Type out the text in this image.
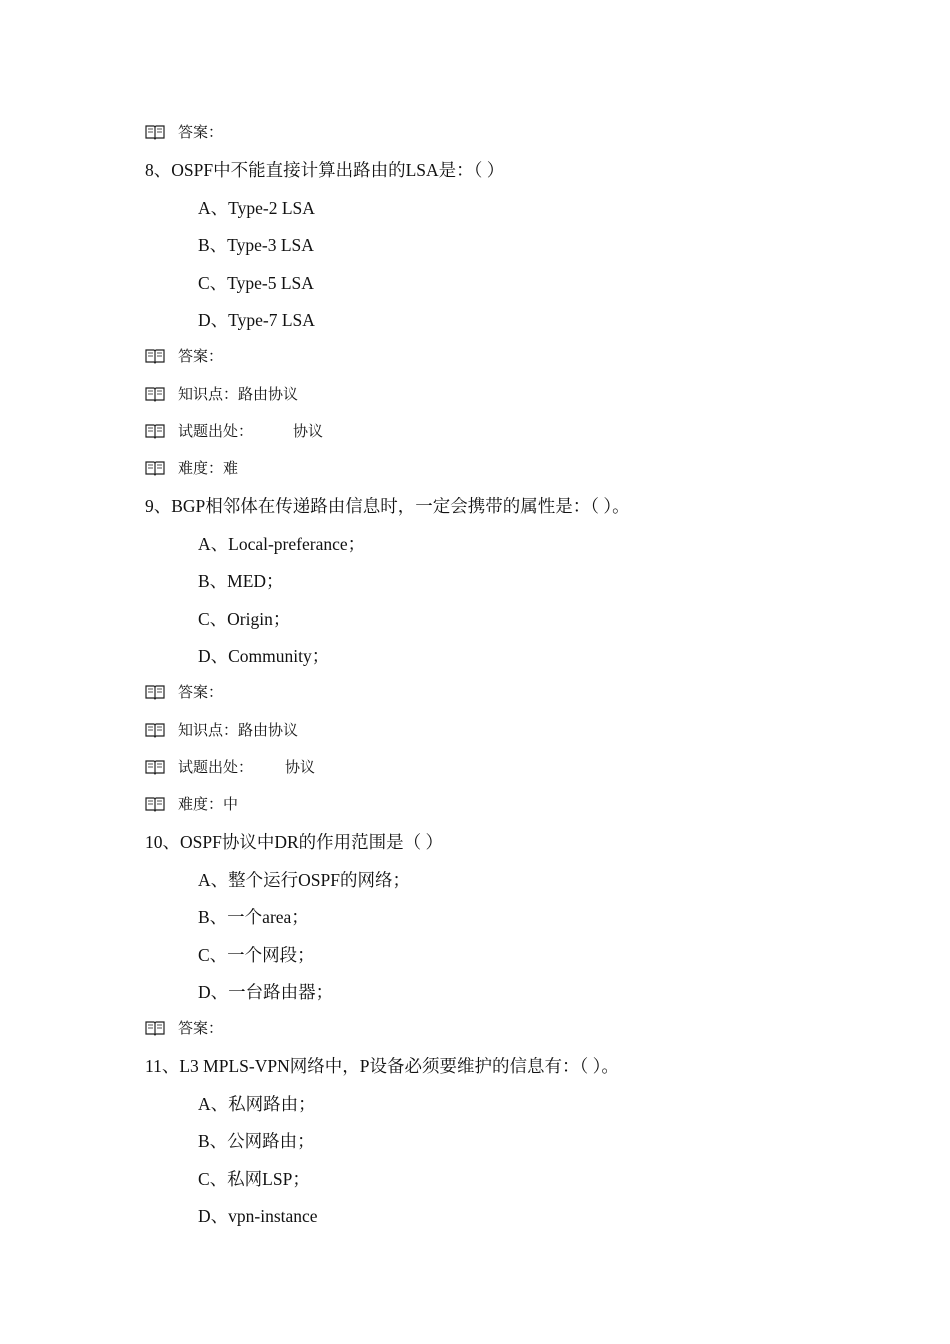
答案：
8、OSPF中不能直接计算出路由的LSA是：（ ）
A、Type-2 LSA
B、Type-3 LSA
C、Type-5 LSA
D、Type-7 LSA
答案：
知识点：路由协议
试题出处：	协议
难度：难
9、BGP相邻体在传递路由信息时，一定会携带的属性是：（ ）。
A、Local-preferance；
B、MED；
C、Origin；
D、Community；
答案：
知识点：路由协议
试题出处： 协议
难度：中
10、OSPF协议中DR的作用范围是（ ）
A、整个运行OSPF的网络；
B、一个area；
C、一个网段；
D、一台路由器；
答案：
11、L3 MPLS-VPN网络中，P设备必须要维护的信息有：（ ）。
A、私网路由；
B、公网路由；
C、私网LSP；
D、vpn-instance
